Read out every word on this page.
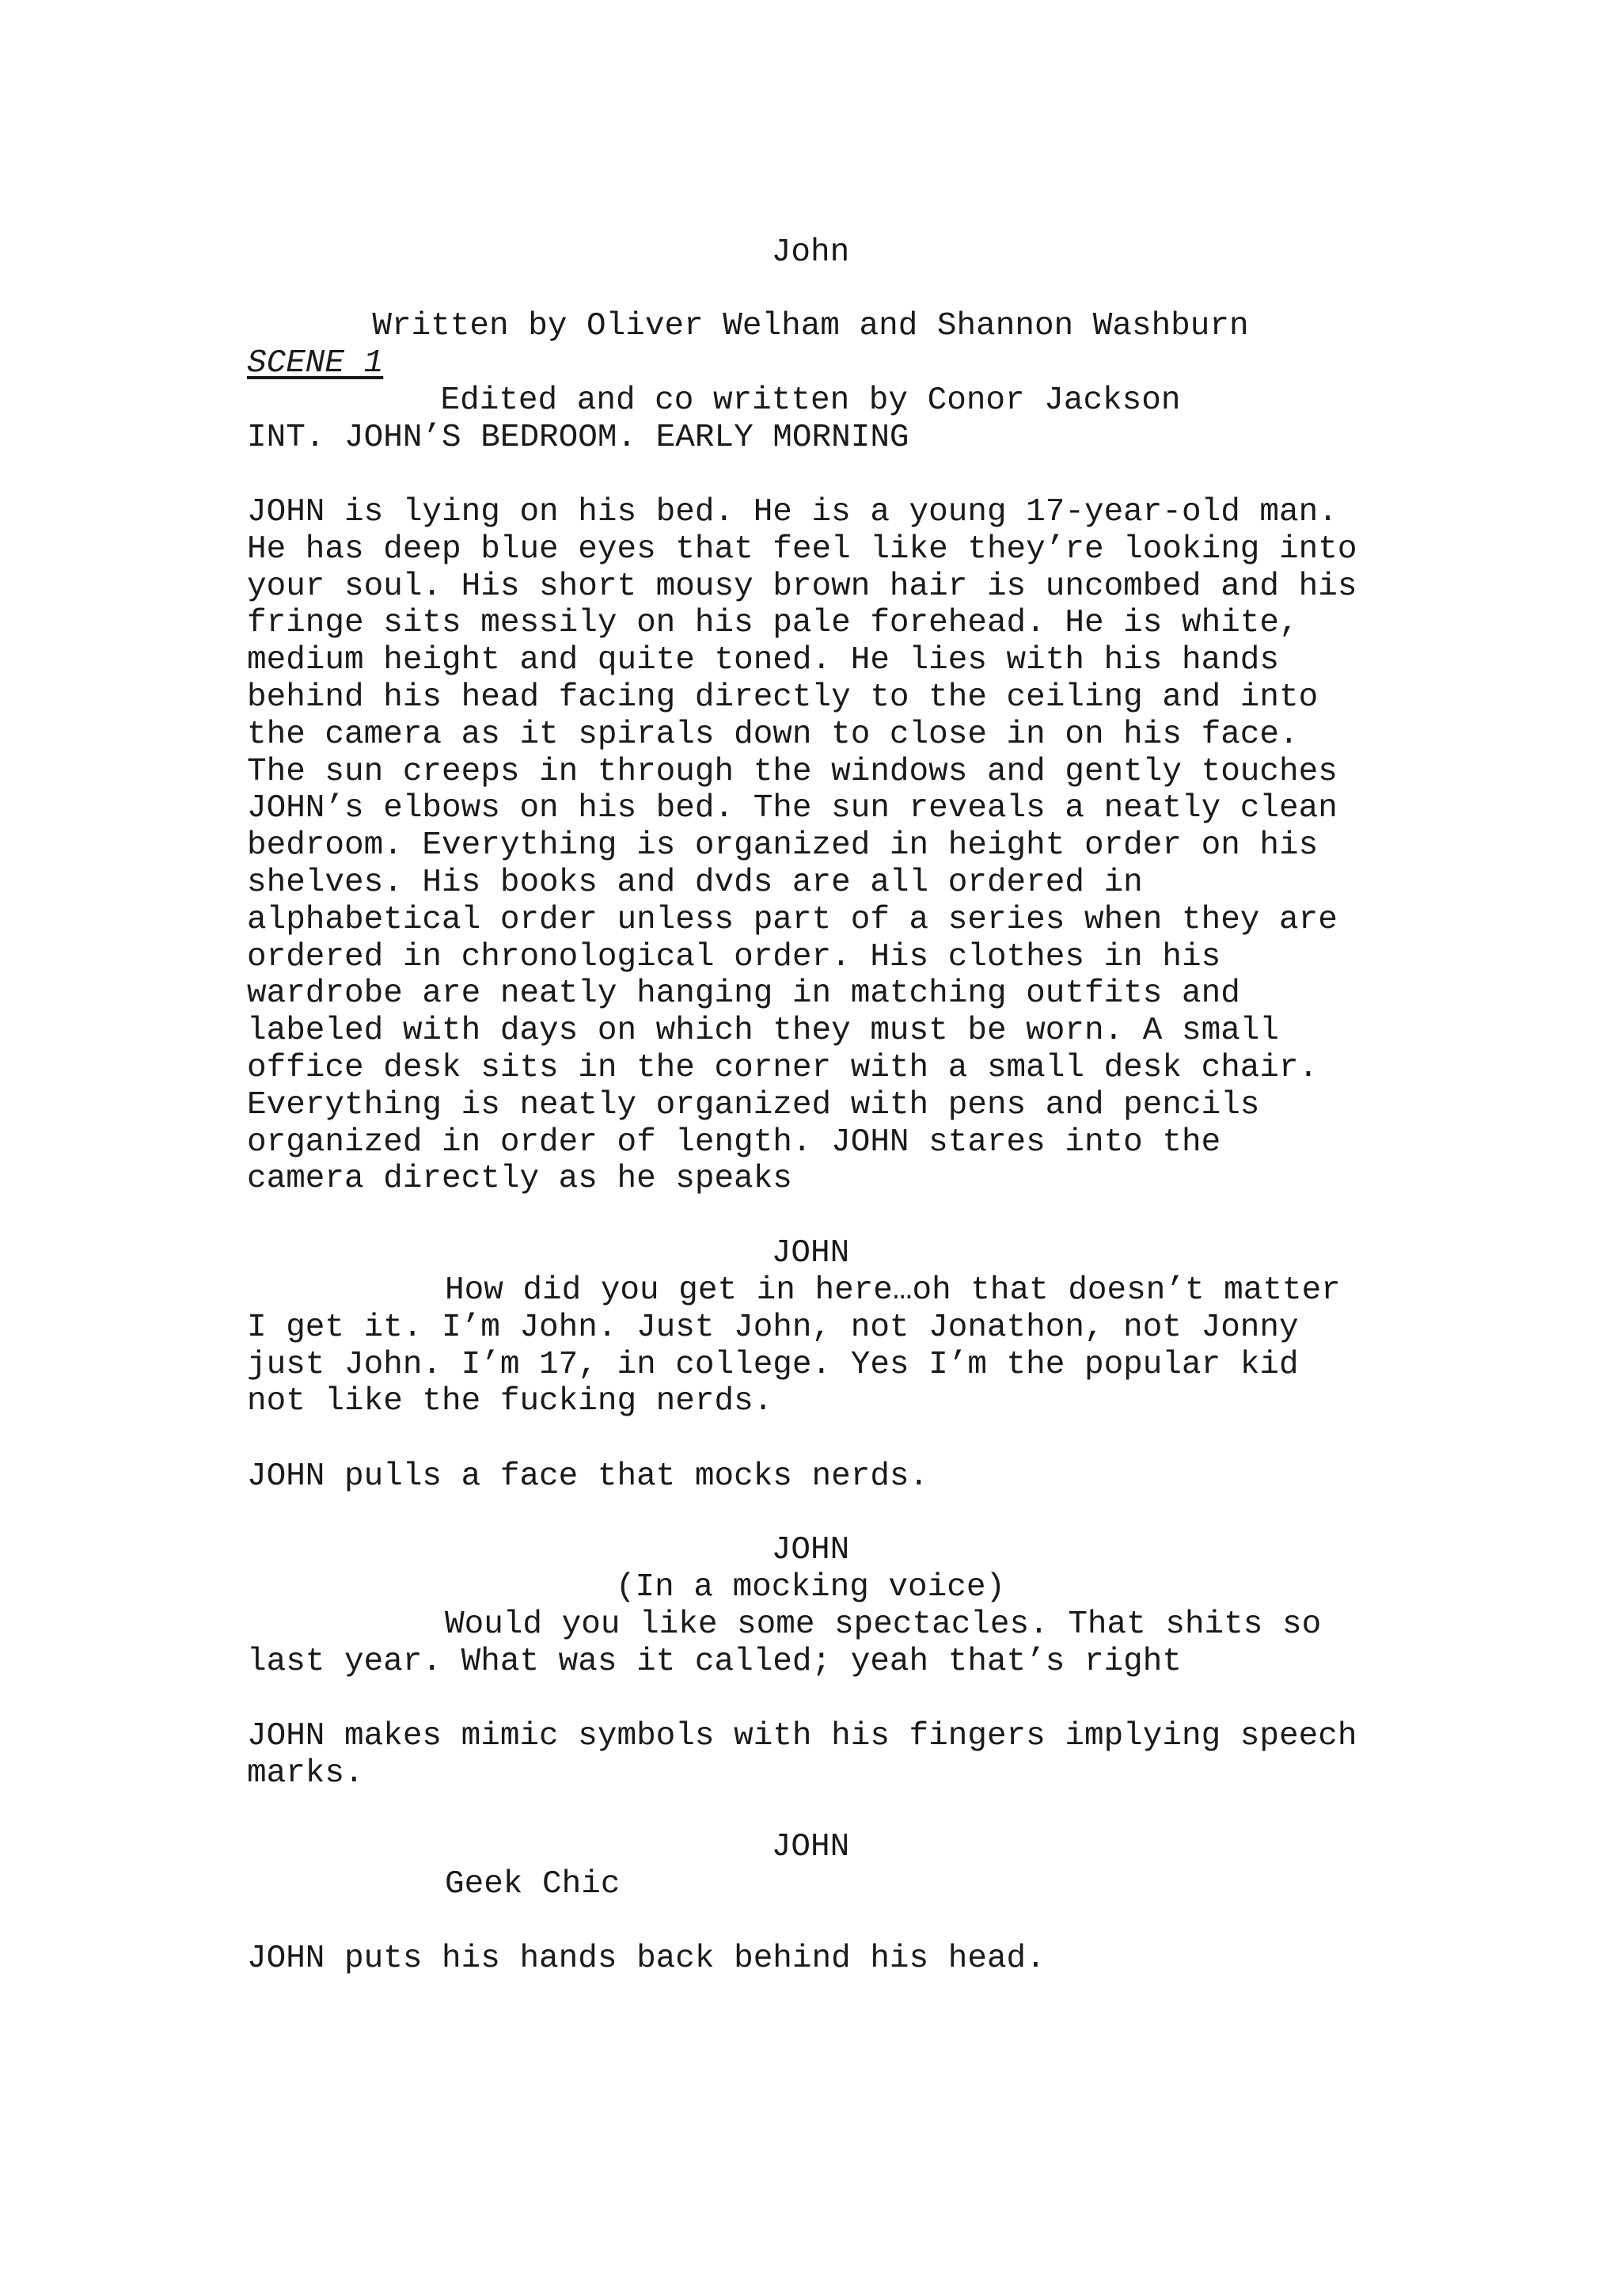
John

Written by Oliver Welham and Shannon Washburn

Edited and co written by Conor Jackson

SCENE 1
INT. JOHN’S BEDROOM. EARLY MORNING
JOHN is lying on his bed. He is a young 17-year-old man.
He has deep blue eyes that feel like they’re looking into
your soul. His short mousy brown hair is uncombed and his
fringe sits messily on his pale forehead. He is white,
medium height and quite toned. He lies with his hands
behind his head facing directly to the ceiling and into
the camera as it spirals down to close in on his face.
The sun creeps in through the windows and gently touches
JOHN’s elbows on his bed. The sun reveals a neatly clean
bedroom. Everything is organized in height order on his
shelves. His books and dvds are all ordered in
alphabetical order unless part of a series when they are
ordered in chronological order. His clothes in his
wardrobe are neatly hanging in matching outfits and
labeled with days on which they must be worn. A small
office desk sits in the corner with a small desk chair.
Everything is neatly organized with pens and pencils
organized in order of length. JOHN stares into the
camera directly as he speaks
JOHN
How did you get in here…oh that doesn’t matter
I get it. I’m John. Just John, not Jonathon, not Jonny
just John. I’m 17, in college. Yes I’m the popular kid
not like the fucking nerds.
JOHN pulls a face that mocks nerds.
JOHN
(In a mocking voice)
Would you like some spectacles. That shits so
last year. What was it called; yeah that’s right
JOHN makes mimic symbols with his fingers implying speech
marks.
JOHN
Geek Chic
JOHN puts his hands back behind his head.
